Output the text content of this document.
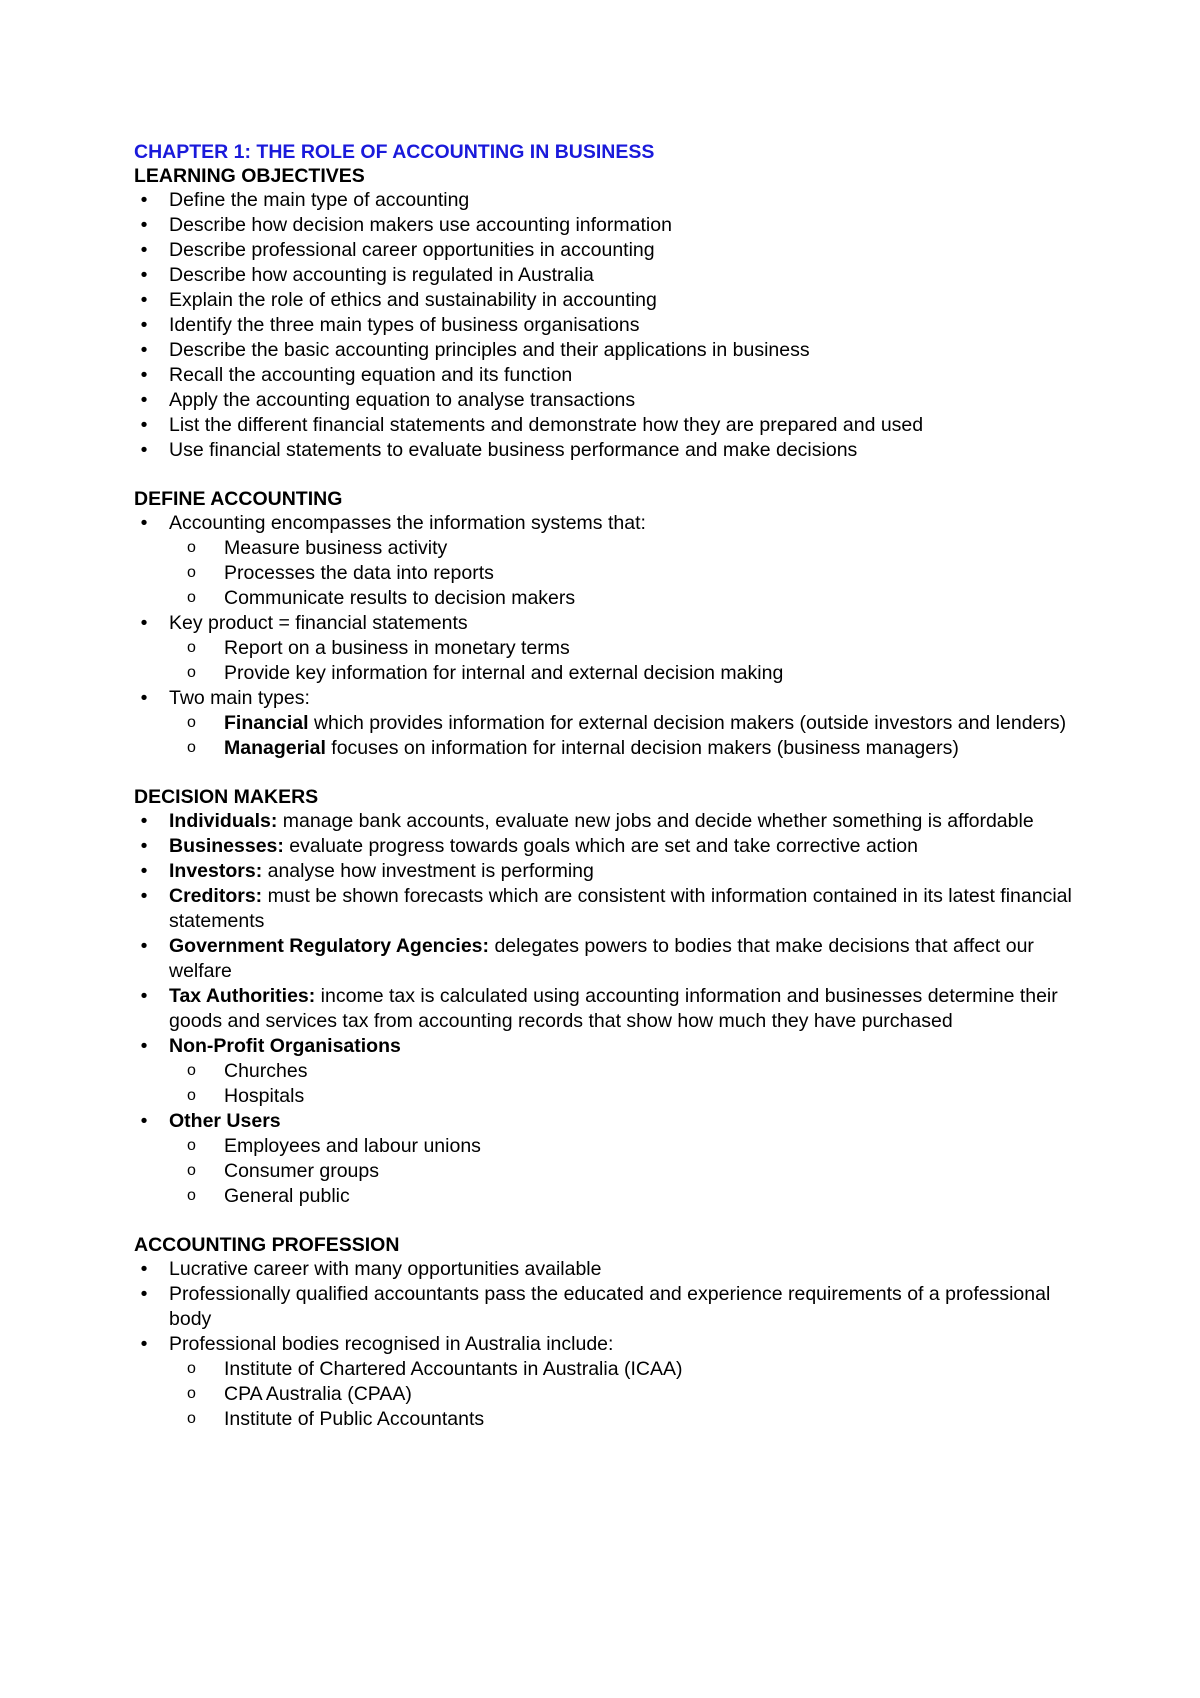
CHAPTER 1: THE ROLE OF ACCOUNTING IN BUSINESS
LEARNING OBJECTIVES
• Define the main type of accounting
• Describe how decision makers use accounting information
• Describe professional career opportunities in accounting
• Describe how accounting is regulated in Australia
• Explain the role of ethics and sustainability in accounting
• Identify the three main types of business organisations
• Describe the basic accounting principles and their applications in business
• Recall the accounting equation and its function
• Apply the accounting equation to analyse transactions
• List the different financial statements and demonstrate how they are prepared and used
• Use financial statements to evaluate business performance and make decisions
DEFINE ACCOUNTING
• Accounting encompasses the information systems that:
o Measure business activity
o Processes the data into reports
o Communicate results to decision makers
• Key product = financial statements
o Report on a business in monetary terms
o Provide key information for internal and external decision making
• Two main types:
o Financial which provides information for external decision makers (outside investors and lenders)
o Managerial focuses on information for internal decision makers (business managers)
DECISION MAKERS
• Individuals: manage bank accounts, evaluate new jobs and decide whether something is affordable
• Businesses: evaluate progress towards goals which are set and take corrective action
• Investors: analyse how investment is performing
• Creditors: must be shown forecasts which are consistent with information contained in its latest financial statements
• Government Regulatory Agencies: delegates powers to bodies that make decisions that affect our welfare
• Tax Authorities: income tax is calculated using accounting information and businesses determine their goods and services tax from accounting records that show how much they have purchased
• Non-Profit Organisations
o Churches
o Hospitals
• Other Users
o Employees and labour unions
o Consumer groups
o General public
ACCOUNTING PROFESSION
• Lucrative career with many opportunities available
• Professionally qualified accountants pass the educated and experience requirements of a professional body
• Professional bodies recognised in Australia include:
o Institute of Chartered Accountants in Australia (ICAA)
o CPA Australia (CPAA)
o Institute of Public Accountants
